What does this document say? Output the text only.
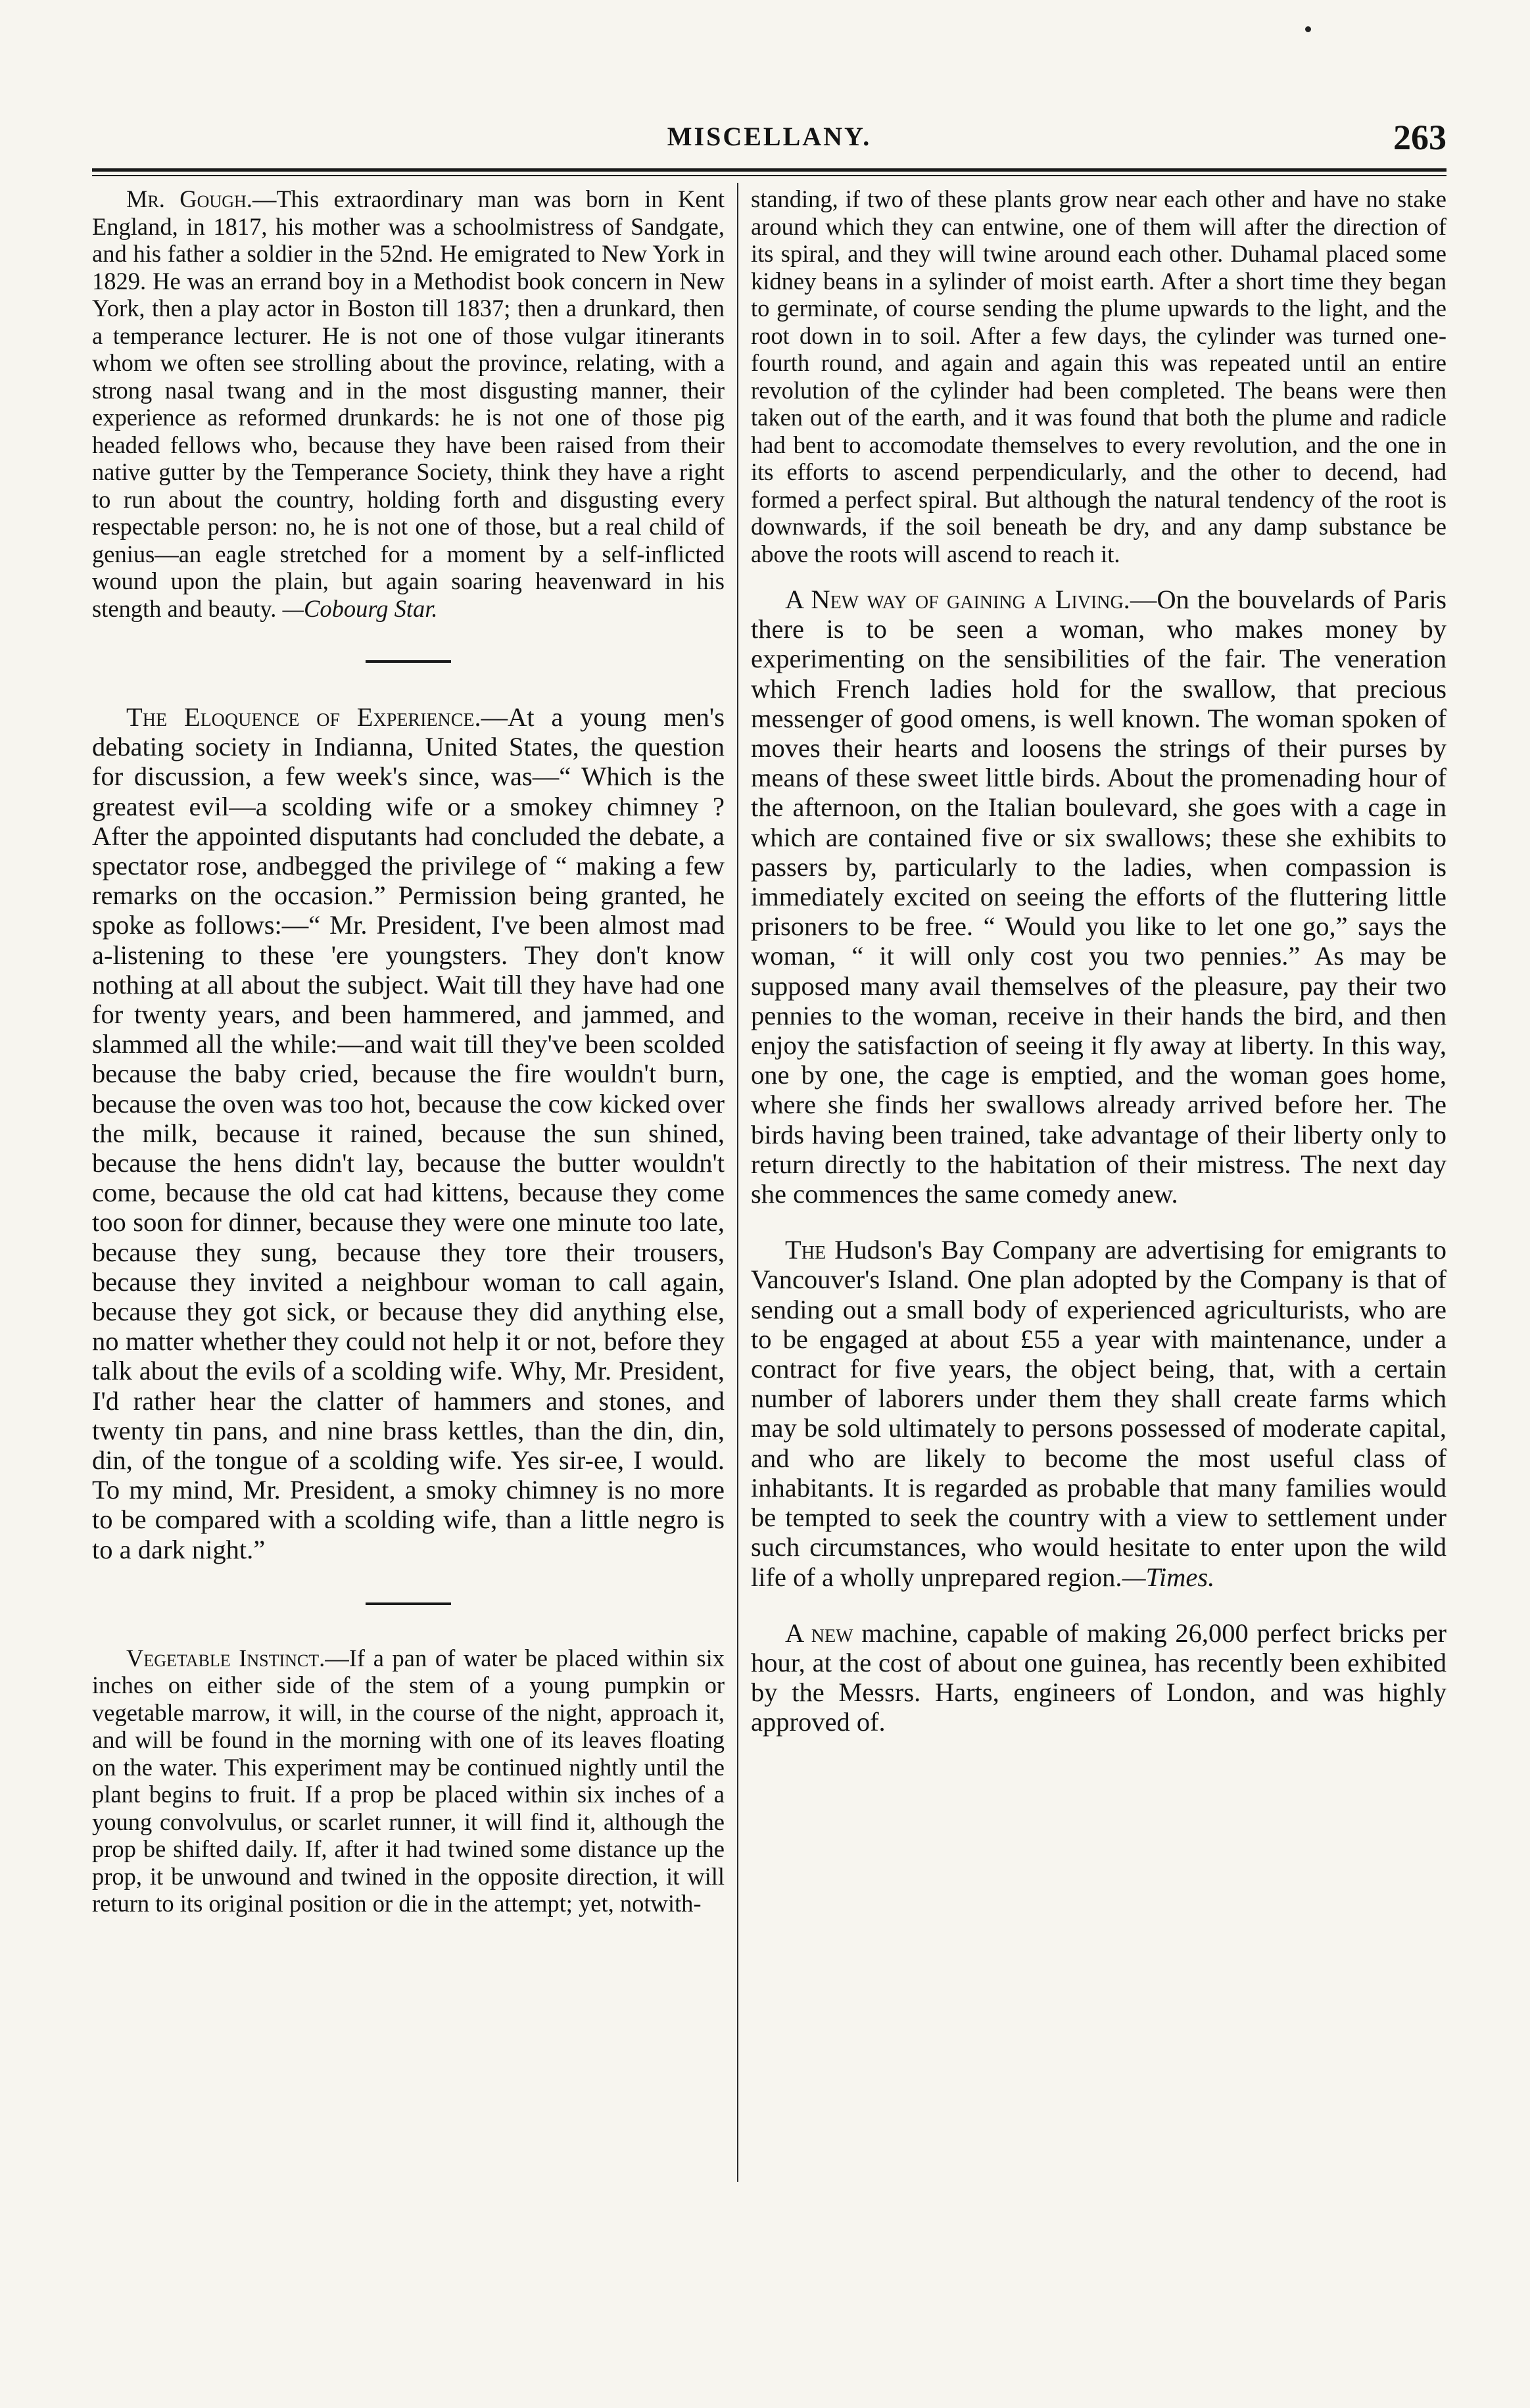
MISCELLANY.	263

Mr. Gough.—This extraordinary man was born in Kent England, in 1817, his mother was a schoolmistress of Sandgate, and his father a soldier in the 52nd. He emigrated to New York in 1829. He was an errand boy in a Methodist book concern in New York, then a play actor in Boston till 1837; then a drunkard, then a temperance lecturer. He is not one of those vulgar itinerants whom we often see strolling about the province, relating, with a strong nasal twang and in the most disgusting manner, their experience as reformed drunkards: he is not one of those pig headed fellows who, because they have been raised from their native gutter by the Temperance Society, think they have a right to run about the country, holding forth and disgusting every respectable person: no, he is not one of those, but a real child of genius—an eagle stretched for a moment by a self-inflicted wound upon the plain, but again soaring heavenward in his stength and beauty. —Cobourg Star.

The Eloquence of Experience.—At a young men's debating society in Indianna, United States, the question for discussion, a few week's since, was—“ Which is the greatest evil—a scolding wife or a smokey chimney ? After the appointed disputants had concluded the debate, a spectator rose, andbegged the privilege of “ making a few remarks on the occasion.” Permission being granted, he spoke as follows:—“ Mr. President, I've been almost mad a-listening to these 'ere youngsters. They don't know nothing at all about the subject. Wait till they have had one for twenty years, and been hammered, and jammed, and slammed all the while:—and wait till they've been scolded because the baby cried, because the fire wouldn't burn, because the oven was too hot, because the cow kicked over the milk, because it rained, because the sun shined, because the hens didn't lay, because the butter wouldn't come, because the old cat had kittens, because they come too soon for dinner, because they were one minute too late, because they sung, because they tore their trousers, because they invited a neighbour woman to call again, because they got sick, or because they did anything else, no matter whether they could not help it or not, before they talk about the evils of a scolding wife. Why, Mr. President, I'd rather hear the clatter of hammers and stones, and twenty tin pans, and nine brass kettles, than the din, din, din, of the tongue of a scolding wife. Yes sir-ee, I would. To my mind, Mr. President, a smoky chimney is no more to be compared with a scolding wife, than a little negro is to a dark night.”

Vegetable Instinct.—If a pan of water be placed within six inches on either side of the stem of a young pumpkin or vegetable marrow, it will, in the course of the night, approach it, and will be found in the morning with one of its leaves floating on the water. This experiment may be continued nightly until the plant begins to fruit. If a prop be placed within six inches of a young convolvulus, or scarlet runner, it will find it, although the prop be shifted daily. If, after it had twined some distance up the prop, it be unwound and twined in the opposite direction, it will return to its original position or die in the attempt; yet, notwith-

standing, if two of these plants grow near each other and have no stake around which they can entwine, one of them will after the direction of its spiral, and they will twine around each other. Duhamal placed some kidney beans in a sylinder of moist earth. After a short time they began to germinate, of course sending the plume upwards to the light, and the root down in to soil. After a few days, the cylinder was turned one-fourth round, and again and again this was repeated until an entire revolution of the cylinder had been completed. The beans were then taken out of the earth, and it was found that both the plume and radicle had bent to accomodate themselves to every revolution, and the one in its efforts to ascend perpendicularly, and the other to decend, had formed a perfect spiral. But although the natural tendency of the root is downwards, if the soil beneath be dry, and any damp substance be above the roots will ascend to reach it.

A New way of gaining a Living.—On the bouvelards of Paris there is to be seen a woman, who makes money by experimenting on the sensibilities of the fair. The veneration which French ladies hold for the swallow, that precious messenger of good omens, is well known. The woman spoken of moves their hearts and loosens the strings of their purses by means of these sweet little birds. About the promenading hour of the afternoon, on the Italian boulevard, she goes with a cage in which are contained five or six swallows; these she exhibits to passers by, particularly to the ladies, when compassion is immediately excited on seeing the efforts of the fluttering little prisoners to be free. “ Would you like to let one go,” says the woman, “ it will only cost you two pennies.” As may be supposed many avail themselves of the pleasure, pay their two pennies to the woman, receive in their hands the bird, and then enjoy the satisfaction of seeing it fly away at liberty. In this way, one by one, the cage is emptied, and the woman goes home, where she finds her swallows already arrived before her. The birds having been trained, take advantage of their liberty only to return directly to the habitation of their mistress. The next day she commences the same comedy anew.

The Hudson's Bay Company are advertising for emigrants to Vancouver's Island. One plan adopted by the Company is that of sending out a small body of experienced agriculturists, who are to be engaged at about £55 a year with maintenance, under a contract for five years, the object being, that, with a certain number of laborers under them they shall create farms which may be sold ultimately to persons possessed of moderate capital, and who are likely to become the most useful class of inhabitants. It is regarded as probable that many families would be tempted to seek the country with a view to settlement under such circumstances, who would hesitate to enter upon the wild life of a wholly unprepared region.—Times.

A new machine, capable of making 26,000 perfect bricks per hour, at the cost of about one guinea, has recently been exhibited by the Messrs. Harts, engineers of London, and was highly approved of.
